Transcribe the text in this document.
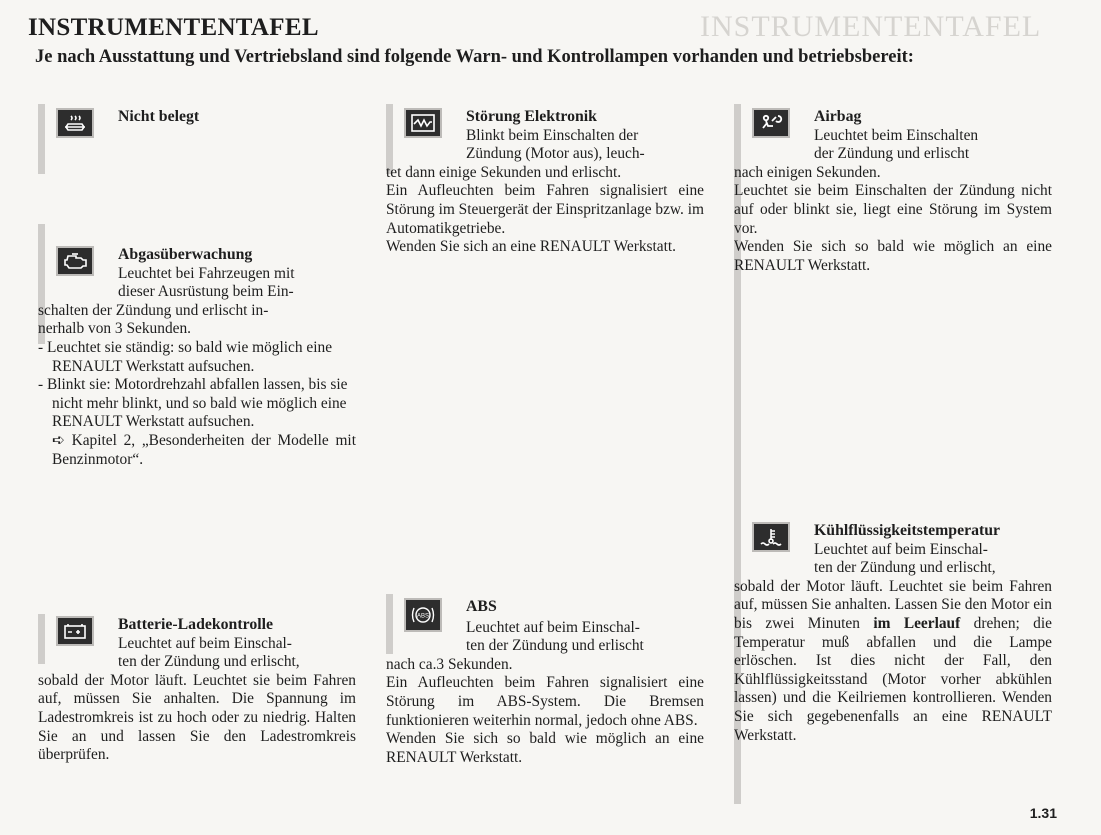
INSTRUMENTENTAFEL
INSTRUMENTENTAFEL
Je nach Ausstattung und Vertriebsland sind folgende Warn- und Kontrollampen vorhanden und betriebsbereit:
Nicht belegt
Abgasüberwachung
Leuchtet bei Fahrzeugen mit
dieser Ausrüstung beim Ein-

schalten der Zündung und erlischt in-

nerhalb von 3 Sekunden.

- Leuchtet sie ständig: so bald wie möglich eine RENAULT Werkstatt aufsuchen.

- Blinkt sie: Motordrehzahl abfallen lassen, bis sie nicht mehr blinkt, und so bald wie möglich eine RENAULT Werkstatt aufsuchen.

➪ Kapitel 2, „Besonderheiten der Modelle mit Benzinmotor“.

Batterie-Ladekontrolle
Leuchtet auf beim Einschal-
ten der Zündung und erlischt,

sobald der Motor läuft. Leuchtet sie beim Fahren auf, müssen Sie anhalten. Die Spannung im Ladestromkreis ist zu hoch oder zu niedrig. Halten Sie an und lassen Sie den Ladestromkreis überprüfen.

Störung Elektronik
Blinkt beim Einschalten der
Zündung (Motor aus), leuch-

tet dann einige Sekunden und erlischt.

Ein Aufleuchten beim Fahren signalisiert eine Störung im Steuergerät der Einspritzanlage bzw. im Automatikgetriebe.

Wenden Sie sich an eine RENAULT Werkstatt.

ABS
ABS
Leuchtet auf beim Einschal-
ten der Zündung und erlischt

nach ca.3 Sekunden.

Ein Aufleuchten beim Fahren signalisiert eine Störung im ABS-System. Die Bremsen funktionieren weiterhin normal, jedoch ohne ABS.

Wenden Sie sich so bald wie möglich an eine RENAULT Werkstatt.

Airbag
Leuchtet beim Einschalten
der Zündung und erlischt

nach einigen Sekunden.

Leuchtet sie beim Einschalten der Zündung nicht auf oder blinkt sie, liegt eine Störung im System vor.

Wenden Sie sich so bald wie möglich an eine RENAULT Werkstatt.

Kühlflüssigkeitstemperatur
Leuchtet auf beim Einschal-
ten der Zündung und erlischt,

sobald der Motor läuft. Leuchtet sie beim Fahren auf, müssen Sie anhalten. Lassen Sie den Motor ein bis zwei Minuten im Leerlauf drehen; die Temperatur muß abfallen und die Lampe erlöschen. Ist dies nicht der Fall, den Kühlflüssigkeitsstand (Motor vorher abkühlen lassen) und die Keilriemen kontrollieren. Wenden Sie sich gegebenenfalls an eine RENAULT Werkstatt.

1.31
